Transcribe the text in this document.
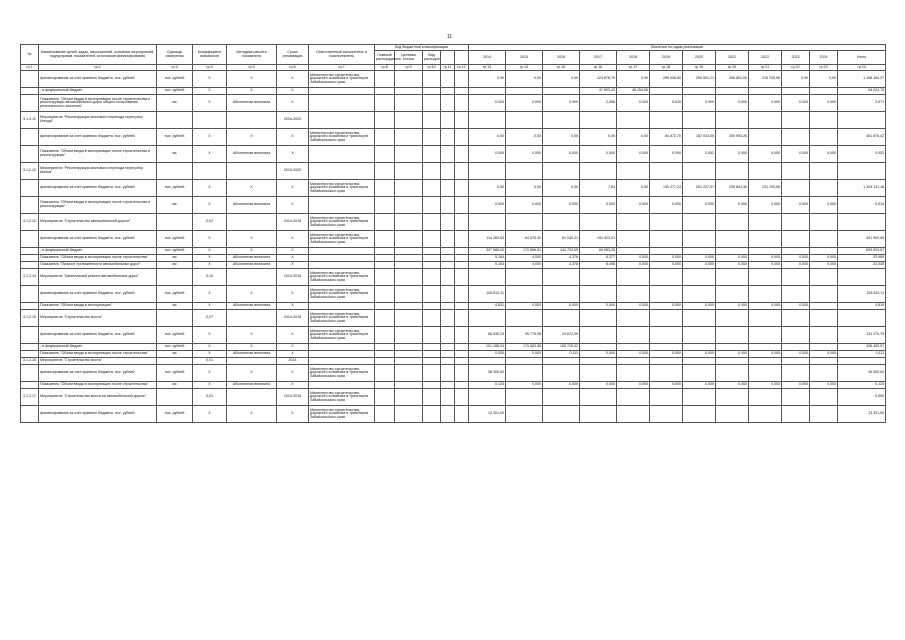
11
№	Наименование целей, задач, мероприятий, основных мероприятий, подпрограмм, показателей, источников финансирования	Единица измерения	Коэффициент значимости	Методика расчета показателя	Сроки реализации	Ответственный исполнитель и соисполнитель	Код бюджетной классификации					Значения по годам реализации											
							Главный распорядитель	Целевая статья	Вид расходов			2014	2015	2016	2017	2018	2019	2020	2021	2022	2023	2024	Итого
гр.1	гр.2	гр.3	гр.4	гр.5	гр.6	гр.7	гр.8	гр.9	гр.10	гр.11	гр.12	гр.13	гр.14	гр.15	гр.16	гр.17	гр.18	гр.19	гр.20	гр.21	гр.22	гр.23	гр.24
	финансирование за счет краевого бюджета, тыс. рублей	тыс. рублей	X	X	X	Министерство строительства, дорожного хозяйства и транспорта Забайкальского края						0,00	0,00	0,00	124 876,70	0,00	289 906,80	290 501,21	266 801,00	215 705,56	0,00	0,00	1 198 164,27
	- в федеральный бюджет	тыс. рублей	X	X	X										47 893,42	46 254,56							94 024,75
	Показатель "Объем ввода в эксплуатацию после строительства и реконструкции автомобильных дорог общего пользования регионального значения"	км	X	Абсолютная величина	X							0,000	0,000	0,000	2,056	0,000	0,015	0,000	0,000	0,000	0,000	0,000	2,071
3.1.2.11	Мероприятие "Реконструкция мостового перехода через реку Ингода"				2016-2020																		
	финансирование за счет краевого бюджета, тыс. рублей	тыс. рублей	X	X	X	Министерство строительства, дорожного хозяйства и транспорта Забайкальского края						0,00	0,00	0,00	0,00	0,00	54 872,70	187 043,00	209 993,26				451 876,42
	Показатель "Объем ввода в эксплуатацию после строительства и реконструкции"	км	X	Абсолютная величина	X							0,000	0,000	0,000	0,000	0,000	0,000	0,052	0,000	0,000	0,000	0,000	0,052
3.1.2.12	Мероприятие "Реконструкция мостового перехода через реку Шилка"				2016-2020																		
	финансирование за счет краевого бюджета, тыс. рублей	тыс. рублей	X	X	X	Министерство строительства, дорожного хозяйства и транспорта Забайкальского края						0,00	0,00	0,00	7,63	0,00	130 277,24	251 227,07	239 843,36	231 705,56			1 343 131,18
	Показатель "Объем ввода в эксплуатацию после строительства и реконструкции"	км	X	Абсолютная величина	X							0,000	0,000	0,000	0,000	0,000	0,000	0,000	0,000	0,000	0,000	0,000	0,014
3.1.2.13	Мероприятие "Строительство автомобильной дороги"		0,01		2014-2016	Министерство строительства, дорожного хозяйства и транспорта Забайкальского края																	
	финансирование за счет краевого бюджета, тыс. рублей	тыс. рублей	X	X	X	Министерство строительства, дорожного хозяйства и транспорта Забайкальского края						114 363,63	64 575,40	61 040,21	151 923,31								391 902,55
	- в федеральный бюджет	тыс. рублей	X	X	X							337 988,00	170 856,91	144 703,05	69 583,28								693 903,57
	Показатель "Объем ввода в эксплуатацию после строительства"	км	X	Абсолютная величина	X							5,164	4,000	4,376	8,377	0,000	0,000	0,000	0,000	0,000	0,000	0,000	23,989
	Показатель "Прирост протяженности автомобильных дорог"	км	X	Абсолютная величина	X							5,164	4,000	4,376	8,458	0,000	0,000	0,000	0,000	0,000	0,000	0,000	22,045
3.1.2.14	Мероприятие "Капитальный ремонт автомобильных дорог"		0,15		2014-2016	Министерство строительства, дорожного хозяйства и транспорта Забайкальского края																	
	финансирование за счет краевого бюджета, тыс. рублей	тыс. рублей	X	X	X	Министерство строительства, дорожного хозяйства и транспорта Забайкальского края						105 810,11											105 810,11
	Показатель "Объем ввода в эксплуатацию"	км	X	Абсолютная величина	X							4,831	0,000	0,000	0,000	0,000	0,000	0,000	0,000	0,000	0,000		4,819
3.1.2.15	Мероприятие "Строительство моста"		0,07		2014-2016	Министерство строительства, дорожного хозяйства и транспорта Забайкальского края																	
	финансирование за счет краевого бюджета, тыс. рублей	тыс. рублей	X	X	X	Министерство строительства, дорожного хозяйства и транспорта Забайкальского края						66 935,23	35 775,08	24 672,99									131 170,79
	- в федеральный бюджет	тыс. рублей	X	X	X							101 188,04	170 583,36	108 725,02									426 453,97
	Показатель "Объем ввода в эксплуатацию после строительства"	км	X	Абсолютная величина	X							0,000	0,000	0,111	0,000	0,000	0,000	0,000	0,000	0,000	0,000	0,000	0,111
3.1.2.16	Мероприятие "Строительство моста"		0,01		2014																		
	финансирование за счет краевого бюджета, тыс. рублей	тыс. рублей	X	X	X	Министерство строительства, дорожного хозяйства и транспорта Забайкальского края						36 300,00											36 300,00
	Показатель "Объем ввода в эксплуатацию после строительства"	км	X	Абсолютная величина	X							0,124	0,000	0,000	0,000	0,000	0,000	0,000	0,000	0,000	0,000	0,000	0,124
3.1.2.17	Мероприятие "Строительство моста на автомобильной дороге"		0,01		2014-2016	Министерство строительства, дорожного хозяйства и транспорта Забайкальского края																	0,050
	финансирование за счет краевого бюджета, тыс. рублей	тыс. рублей	X	X	X	Министерство строительства, дорожного хозяйства и транспорта Забайкальского края						13 301,00											13 301,00
